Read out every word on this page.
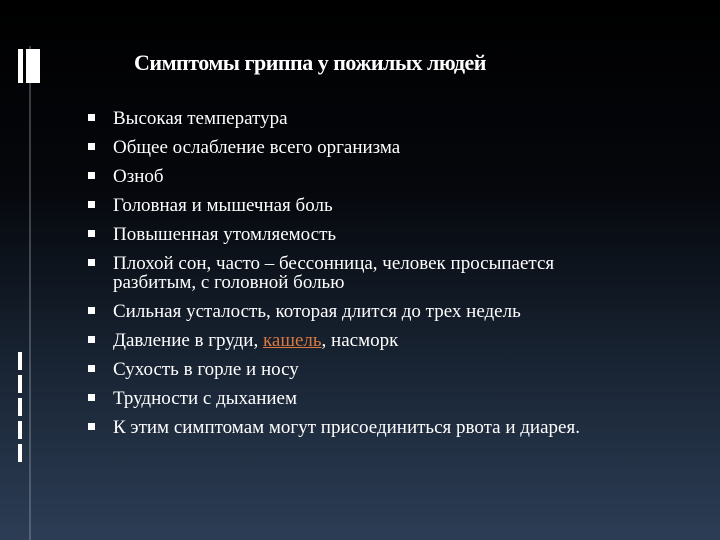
Симптомы гриппа у пожилых людей
Высокая температура
Общее ослабление всего организма
Озноб
Головная и мышечная боль
Повышенная утомляемость
Плохой сон, часто – бессонница, человек просыпается
разбитым, с головной болью
Сильная усталость, которая длится до трех недель
Давление в груди, кашель, насморк
Сухость в горле и носу
Трудности с дыханием
К этим симптомам могут присоединиться рвота и диарея.
